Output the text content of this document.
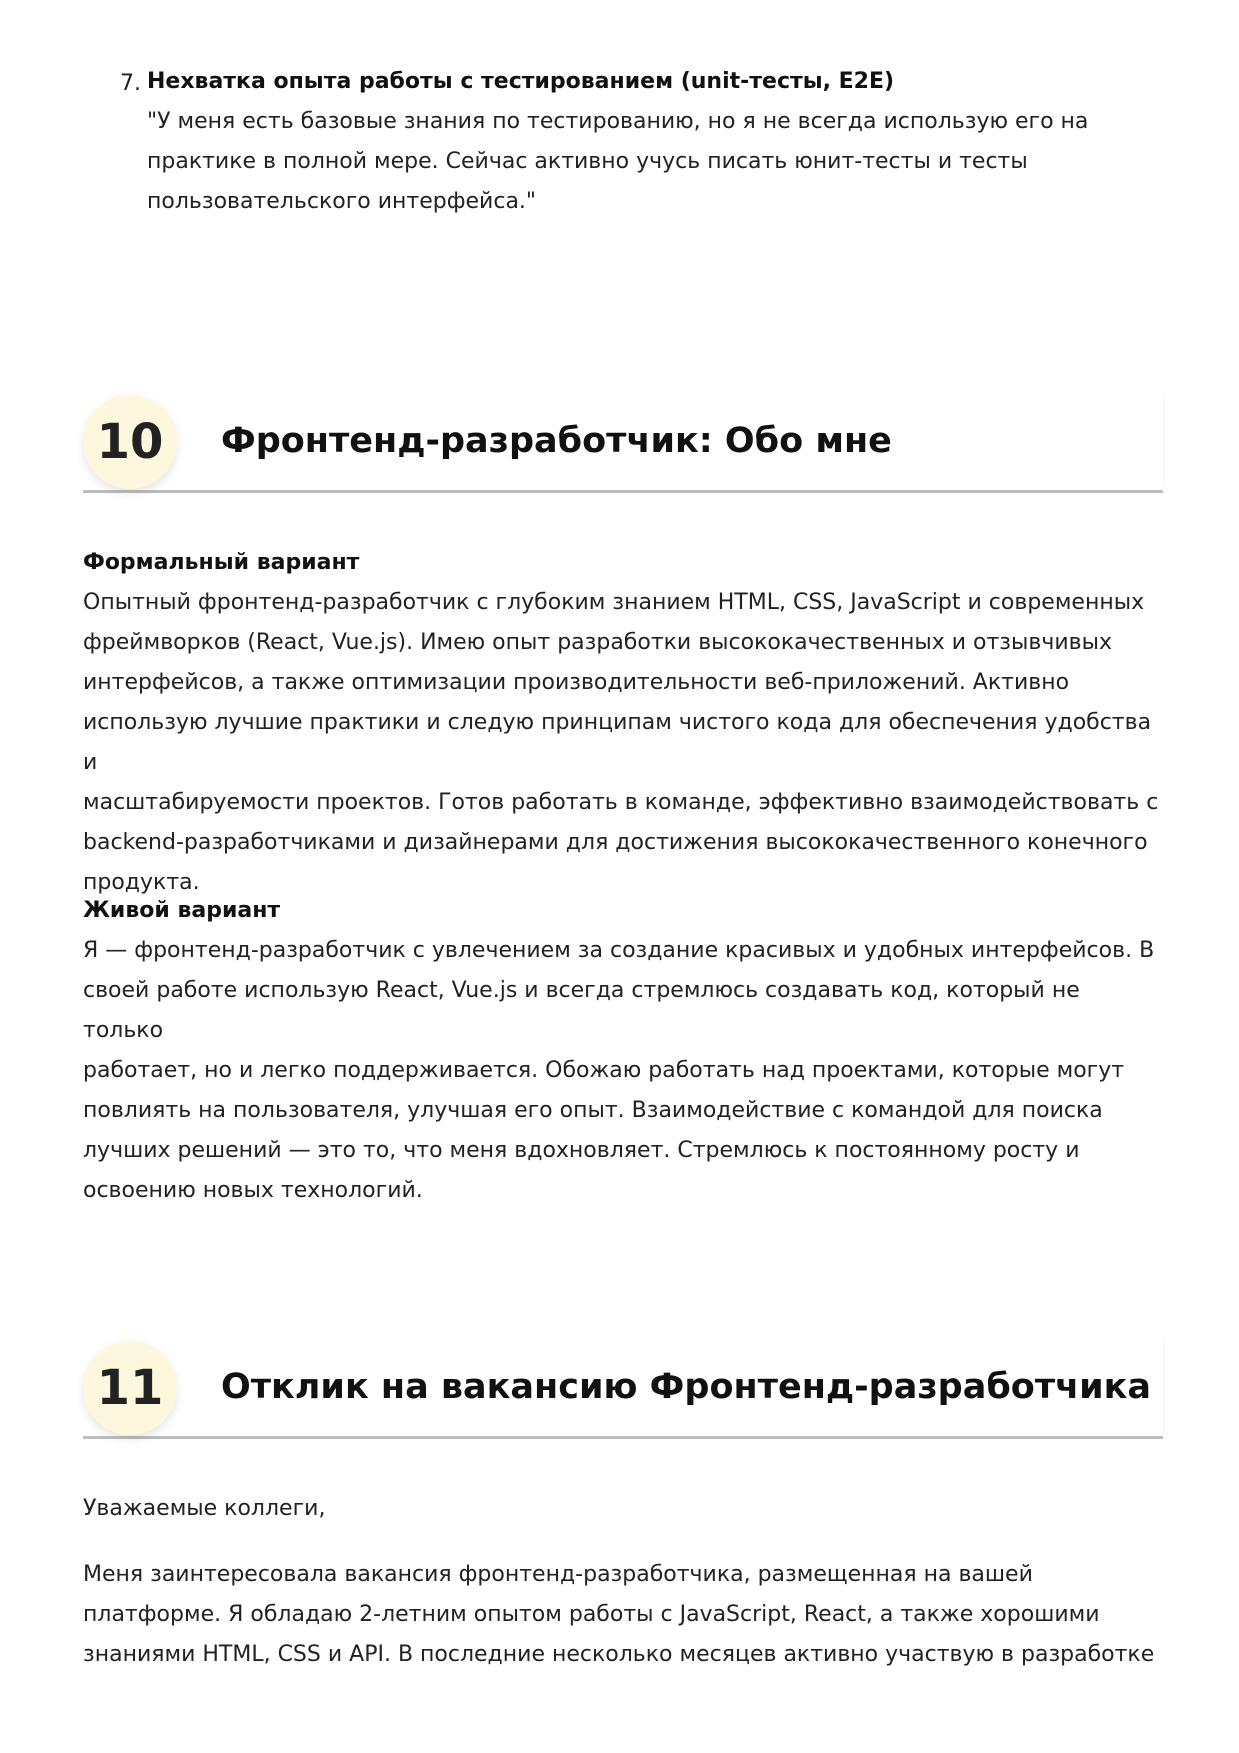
7. Нехватка опыта работы с тестированием (unit-тесты, E2E)
"У меня есть базовые знания по тестированию, но я не всегда использую его на
практике в полной мере. Сейчас активно учусь писать юнит-тесты и тесты
пользовательского интерфейса."
10	Фронтенд-разработчик: Обо мне
Формальный вариант
Опытный фронтенд-разработчик с глубоким знанием HTML, CSS, JavaScript и современных
фреймворков (React, Vue.js). Имею опыт разработки высококачественных и отзывчивых
интерфейсов, а также оптимизации производительности веб-приложений. Активно
использую лучшие практики и следую принципам чистого кода для обеспечения удобства и
масштабируемости проектов. Готов работать в команде, эффективно взаимодействовать с
backend-разработчиками и дизайнерами для достижения высококачественного конечного
продукта.
Живой вариант
Я — фронтенд-разработчик с увлечением за создание красивых и удобных интерфейсов. В
своей работе использую React, Vue.js и всегда стремлюсь создавать код, который не только
работает, но и легко поддерживается. Обожаю работать над проектами, которые могут
повлиять на пользователя, улучшая его опыт. Взаимодействие с командой для поиска
лучших решений — это то, что меня вдохновляет. Стремлюсь к постоянному росту и
освоению новых технологий.
11	Отклик на вакансию Фронтенд-разработчика
Уважаемые коллеги,
Меня заинтересовала вакансия фронтенд-разработчика, размещенная на вашей
платформе. Я обладаю 2-летним опытом работы с JavaScript, React, а также хорошими
знаниями HTML, CSS и API. В последние несколько месяцев активно участвую в разработке
